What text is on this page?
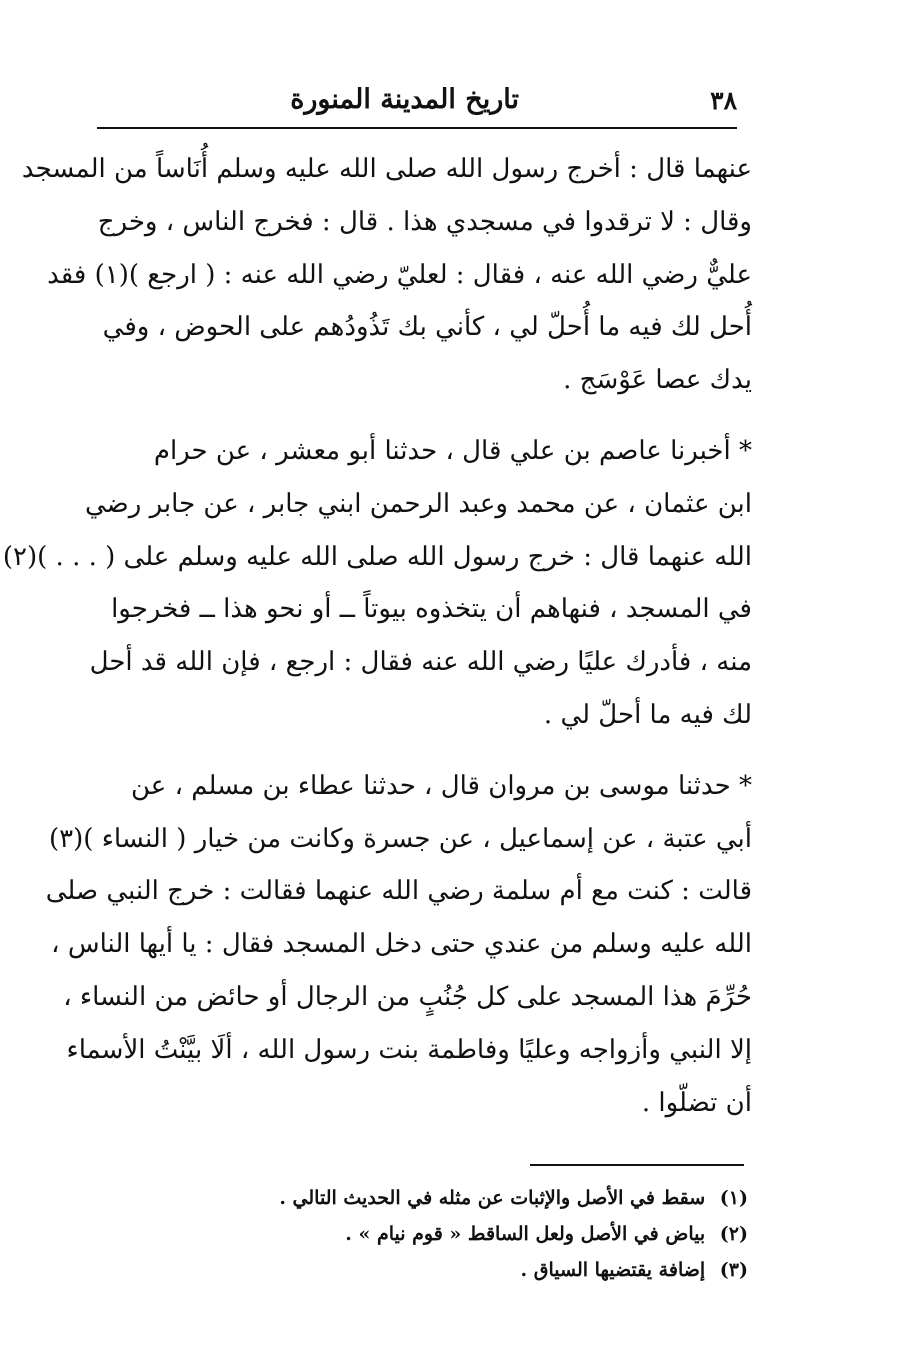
٣٨
تاريخ المدينة المنورة

عنهما قال : أخرج رسول الله صلى الله عليه وسلم أُنَاساً من المسجد
وقال : لا ترقدوا في مسجدي هذا . قال : فخرج الناس ، وخرج
عليٌّ رضي الله عنه ، فقال : لعليّ رضي الله عنه : ( ارجع )(١) فقد
أُحل لك فيه ما أُحلّ لي ، كأني بك تَذُودُهم على الحوض ، وفي
يدك عصا عَوْسَج .

* أخبرنا عاصم بن علي قال ، حدثنا أبو معشر ، عن حرام
ابن عثمان ، عن محمد وعبد الرحمن ابني جابر ، عن جابر رضي
الله عنهما قال : خرج رسول الله صلى الله عليه وسلم على ( . . . )(٢)
في المسجد ، فنهاهم أن يتخذوه بيوتاً ــ أو نحو هذا ــ فخرجوا
منه ، فأدرك عليًا رضي الله عنه فقال : ارجع ، فإن الله قد أحل
لك فيه ما أحلّ لي .

* حدثنا موسى بن مروان قال ، حدثنا عطاء بن مسلم ، عن
أبي عتبة ، عن إسماعيل ، عن جسرة وكانت من خيار ( النساء )(٣)
قالت : كنت مع أم سلمة رضي الله عنهما فقالت : خرج النبي صلى
الله عليه وسلم من عندي حتى دخل المسجد فقال : يا أيها الناس ،
حُرِّمَ هذا المسجد على كل جُنُبٍ من الرجال أو حائض من النساء ،
إلا النبي وأزواجه وعليًا وفاطمة بنت رسول الله ، ألَا بيَّنْتُ الأسماء
أن تضلّوا .

(١) سقط في الأصل والإثبات عن مثله في الحديث التالي .
(٢) بياض في الأصل ولعل الساقط « قوم نيام » .
(٣) إضافة يقتضيها السياق .
